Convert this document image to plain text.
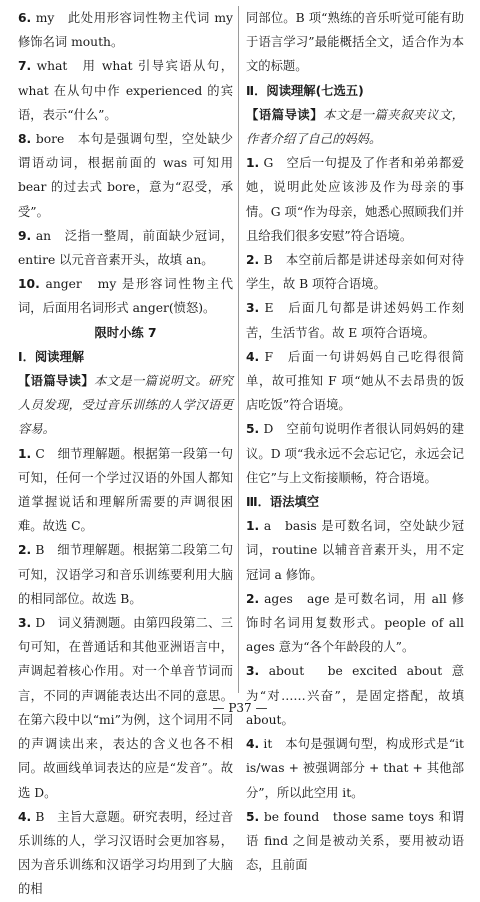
6. my　此处用形容词性物主代词 my 修饰名词 mouth。

7. what　用 what 引导宾语从句，what 在从句中作 experienced 的宾语，表示“什么”。

8. bore　本句是强调句型，空处缺少谓语动词，根据前面的 was 可知用 bear 的过去式 bore，意为“忍受，承受”。

9. an　泛指一整周，前面缺少冠词，entire 以元音音素开头，故填 an。

10. anger　my 是形容词性物主代词，后面用名词形式 anger(愤怒)。

限时小练 7

Ⅰ．阅读理解

【语篇导读】本文是一篇说明文。研究人员发现，受过音乐训练的人学汉语更容易。

1. C　细节理解题。根据第一段第一句可知，任何一个学过汉语的外国人都知道掌握说话和理解所需要的声调很困难。故选 C。

2. B　细节理解题。根据第二段第二句可知，汉语学习和音乐训练要利用大脑的相同部位。故选 B。

3. D　词义猜测题。由第四段第二、三句可知，在普通话和其他亚洲语言中，声调起着核心作用。对一个单音节词而言，不同的声调能表达出不同的意思。在第六段中以“mi”为例，这个词用不同的声调读出来，表达的含义也各不相同。故画线单词表达的应是“发音”。故选 D。

4. B　主旨大意题。研究表明，经过音乐训练的人，学习汉语时会更加容易，因为音乐训练和汉语学习均用到了大脑的相

同部位。B 项“熟练的音乐听觉可能有助于语言学习”最能概括全文，适合作为本文的标题。

Ⅱ．阅读理解(七选五)

【语篇导读】本文是一篇夹叙夹议文，作者介绍了自己的妈妈。

1. G　空后一句提及了作者和弟弟都爱她，说明此处应该涉及作为母亲的事情。G 项“作为母亲，她悉心照顾我们并且给我们很多安慰”符合语境。

2. B　本空前后都是讲述母亲如何对待学生，故 B 项符合语境。

3. E　后面几句都是讲述妈妈工作刻苦，生活节省。故 E 项符合语境。

4. F　后面一句讲妈妈自己吃得很简单，故可推知 F 项“她从不去昂贵的饭店吃饭”符合语境。

5. D　空前句说明作者很认同妈妈的建议。D 项“我永远不会忘记它，永远会记住它”与上文衔接顺畅，符合语境。

Ⅲ．语法填空

1. a　basis 是可数名词，空处缺少冠词，routine 以辅音音素开头，用不定冠词 a 修饰。

2. ages　age 是可数名词，用 all 修饰时名词用复数形式。people of all ages 意为“各个年龄段的人”。

3. about　be excited about 意为“对……兴奋”，是固定搭配，故填 about。

4. it　本句是强调句型，构成形式是“it is/was + 被强调部分 + that + 其他部分”，所以此空用 it。

5. be found　those same toys 和谓语 find 之间是被动关系，要用被动语态，且前面

— P37 —
